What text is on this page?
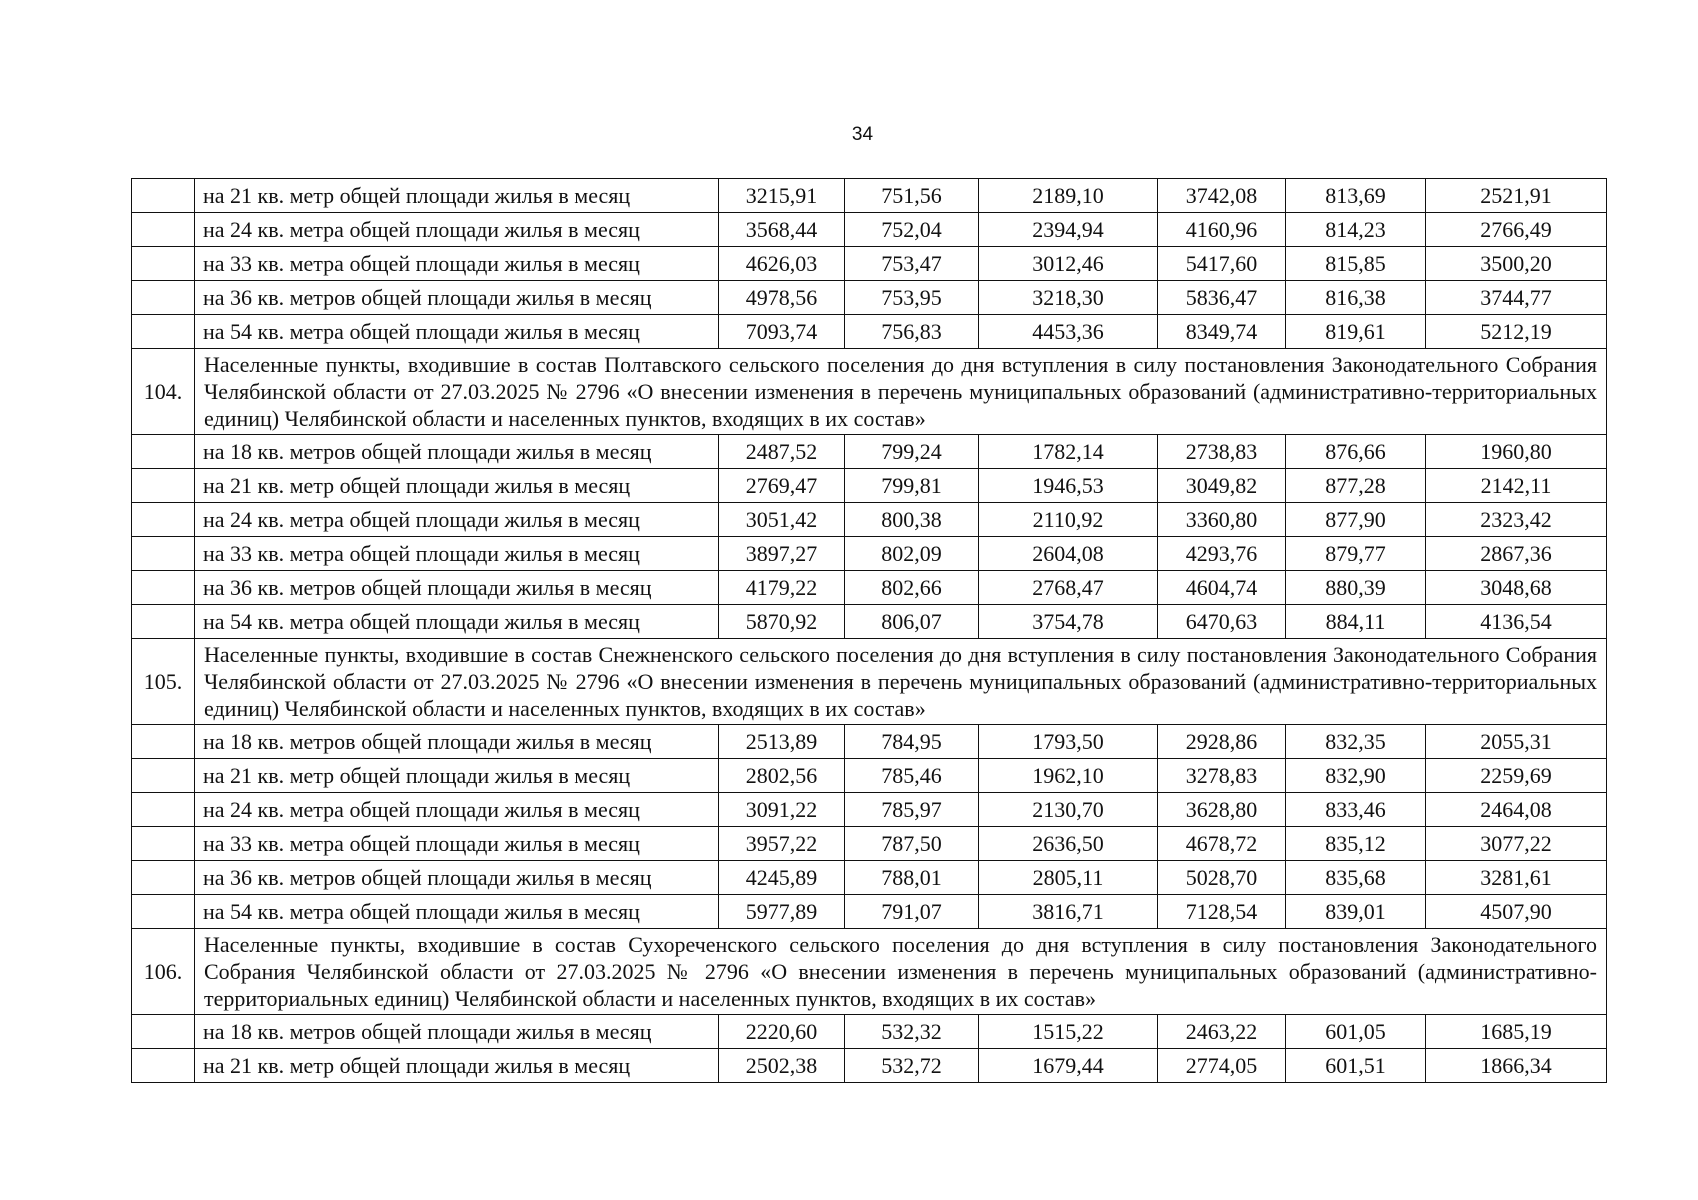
34
	на 21 кв. метр общей площади жилья в месяц	3215,91	751,56	2189,10	3742,08	813,69	2521,91
	на 24 кв. метра общей площади жилья в месяц	3568,44	752,04	2394,94	4160,96	814,23	2766,49
	на 33 кв. метра общей площади жилья в месяц	4626,03	753,47	3012,46	5417,60	815,85	3500,20
	на 36 кв. метров общей площади жилья в месяц	4978,56	753,95	3218,30	5836,47	816,38	3744,77
	на 54 кв. метра общей площади жилья в месяц	7093,74	756,83	4453,36	8349,74	819,61	5212,19
104.	Населенные пункты, входившие в состав Полтавского сельского поселения до дня вступления в силу постановления Законодательного Собрания Челябинской области от 27.03.2025 № 2796 «О внесении изменения в перечень муниципальных образований (административно-территориальных единиц) Челябинской области и населенных пунктов, входящих в их состав»						
	на 18 кв. метров общей площади жилья в месяц	2487,52	799,24	1782,14	2738,83	876,66	1960,80
	на 21 кв. метр общей площади жилья в месяц	2769,47	799,81	1946,53	3049,82	877,28	2142,11
	на 24 кв. метра общей площади жилья в месяц	3051,42	800,38	2110,92	3360,80	877,90	2323,42
	на 33 кв. метра общей площади жилья в месяц	3897,27	802,09	2604,08	4293,76	879,77	2867,36
	на 36 кв. метров общей площади жилья в месяц	4179,22	802,66	2768,47	4604,74	880,39	3048,68
	на 54 кв. метра общей площади жилья в месяц	5870,92	806,07	3754,78	6470,63	884,11	4136,54
105.	Населенные пункты, входившие в состав Снежненского сельского поселения до дня вступления в силу постановления Законодательного Собрания Челябинской области от 27.03.2025 № 2796 «О внесении изменения в перечень муниципальных образований (административно-территориальных единиц) Челябинской области и населенных пунктов, входящих в их состав»						
	на 18 кв. метров общей площади жилья в месяц	2513,89	784,95	1793,50	2928,86	832,35	2055,31
	на 21 кв. метр общей площади жилья в месяц	2802,56	785,46	1962,10	3278,83	832,90	2259,69
	на 24 кв. метра общей площади жилья в месяц	3091,22	785,97	2130,70	3628,80	833,46	2464,08
	на 33 кв. метра общей площади жилья в месяц	3957,22	787,50	2636,50	4678,72	835,12	3077,22
	на 36 кв. метров общей площади жилья в месяц	4245,89	788,01	2805,11	5028,70	835,68	3281,61
	на 54 кв. метра общей площади жилья в месяц	5977,89	791,07	3816,71	7128,54	839,01	4507,90
106.	Населенные пункты, входившие в состав Сухореченского сельского поселения до дня вступления в силу постановления Законодательного Собрания Челябинской области от 27.03.2025 № 2796 «О внесении изменения в перечень муниципальных образований (административно-территориальных единиц) Челябинской области и населенных пунктов, входящих в их состав»						
	на 18 кв. метров общей площади жилья в месяц	2220,60	532,32	1515,22	2463,22	601,05	1685,19
	на 21 кв. метр общей площади жилья в месяц	2502,38	532,72	1679,44	2774,05	601,51	1866,34
